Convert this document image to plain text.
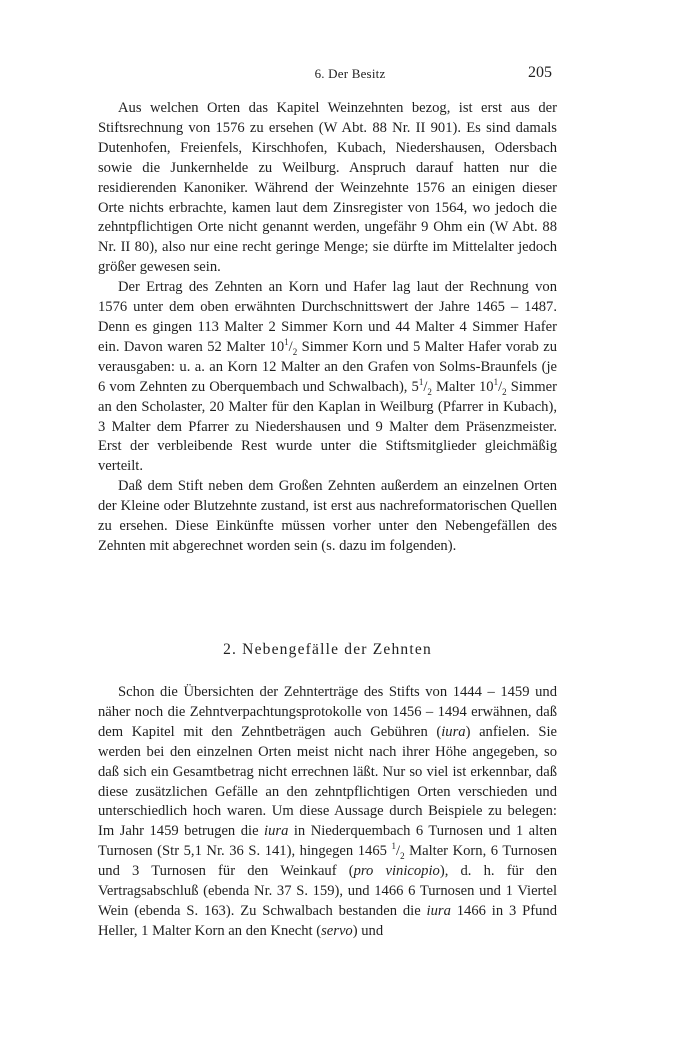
6. Der Besitz	205

Aus welchen Orten das Kapitel Weinzehnten bezog, ist erst aus der Stiftsrechnung von 1576 zu ersehen (W Abt. 88 Nr. II 901). Es sind damals Dutenhofen, Freienfels, Kirschhofen, Kubach, Niedershausen, Odersbach sowie die Junkernhelde zu Weilburg. Anspruch darauf hatten nur die residierenden Kanoniker. Während der Weinzehnte 1576 an einigen dieser Orte nichts erbrachte, kamen laut dem Zinsregister von 1564, wo jedoch die zehntpflichtigen Orte nicht genannt werden, ungefähr 9 Ohm ein (W Abt. 88 Nr. II 80), also nur eine recht geringe Menge; sie dürfte im Mittelalter jedoch größer gewesen sein.

Der Ertrag des Zehnten an Korn und Hafer lag laut der Rechnung von 1576 unter dem oben erwähnten Durchschnittswert der Jahre 1465 – 1487. Denn es gingen 113 Malter 2 Simmer Korn und 44 Malter 4 Simmer Hafer ein. Davon waren 52 Malter $10^1/_2$ Simmer Korn und 5 Malter Hafer vorab zu verausgaben: u. a. an Korn 12 Malter an den Grafen von Solms-Braunfels (je 6 vom Zehnten zu Oberquembach und Schwalbach), $5^1/_2$ Malter $10^1/_2$ Simmer an den Scholaster, 20 Malter für den Kaplan in Weilburg (Pfarrer in Kubach), 3 Malter dem Pfarrer zu Niedershausen und 9 Malter dem Präsenzmeister. Erst der verbleibende Rest wurde unter die Stiftsmitglieder gleichmäßig verteilt.

Daß dem Stift neben dem Großen Zehnten außerdem an einzelnen Orten der Kleine oder Blutzehnte zustand, ist erst aus nachreformatorischen Quellen zu ersehen. Diese Einkünfte müssen vorher unter den Nebengefällen des Zehnten mit abgerechnet worden sein (s. dazu im folgenden).

2. Nebengefälle der Zehnten

Schon die Übersichten der Zehnterträge des Stifts von 1444 – 1459 und näher noch die Zehntverpachtungsprotokolle von 1456 – 1494 erwähnen, daß dem Kapitel mit den Zehntbeträgen auch Gebühren (iura) anfielen. Sie werden bei den einzelnen Orten meist nicht nach ihrer Höhe angegeben, so daß sich ein Gesamtbetrag nicht errechnen läßt. Nur so viel ist erkennbar, daß diese zusätzlichen Gefälle an den zehntpflichtigen Orten verschieden und unterschiedlich hoch waren. Um diese Aussage durch Beispiele zu belegen: Im Jahr 1459 betrugen die iura in Niederquembach 6 Turnosen und 1 alten Turnosen (Str 5,1 Nr. 36 S. 141), hingegen 1465 $^1/_2$ Malter Korn, 6 Turnosen und 3 Turnosen für den Weinkauf (pro vinicopio), d. h. für den Vertragsabschluß (ebenda Nr. 37 S. 159), und 1466 6 Turnosen und 1 Viertel Wein (ebenda S. 163). Zu Schwalbach bestanden die iura 1466 in 3 Pfund Heller, 1 Malter Korn an den Knecht (servo) und
